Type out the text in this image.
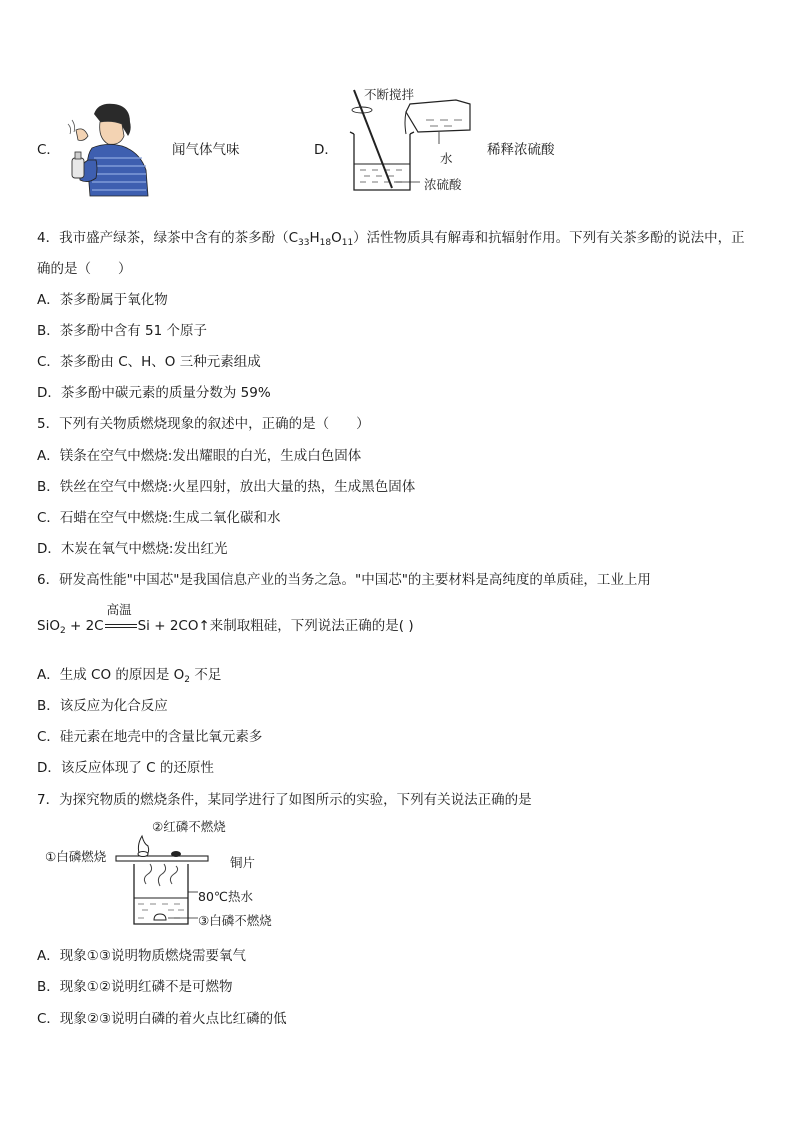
C．	闻气体气味	D．
不断搅拌
水
浓硫酸
稀释浓硫酸
4．我市盛产绿茶，绿茶中含有的茶多酚$(C_{33}H_{18}O_{11})$活性物质具有解毒和抗辐射作用。下列有关茶多酚的说法中，正
确的是（　　）
A．茶多酚属于氧化物
B．茶多酚中含有 51 个原子
C．茶多酚由 C、H、O 三种元素组成
D．茶多酚中碳元素的质量分数为 59%
5．下列有关物质燃烧现象的叙述中，正确的是（　　）
A．镁条在空气中燃烧:发出耀眼的白光，生成白色固体
B．铁丝在空气中燃烧:火星四射，放出大量的热，生成黑色固体
C．石蜡在空气中燃烧:生成二氧化碳和水
D．木炭在氧气中燃烧:发出红光
6．研发高性能"中国芯"是我国信息产业的当务之急。"中国芯"的主要材料是高纯度的单质硅，工业上用
SiO$_2$ + 2C
高温
Si + 2CO↑来制取粗硅，下列说法正确的是( )
A．生成 CO 的原因是 $O_2$ 不足
B．该反应为化合反应
C．硅元素在地壳中的含量比氧元素多
D．该反应体现了 C 的还原性
7．为探究物质的燃烧条件，某同学进行了如图所示的实验，下列有关说法正确的是
②红磷不燃烧
①白磷燃烧	铜片
80℃热水
③白磷不燃烧
A．现象①③说明物质燃烧需要氧气
B．现象①②说明红磷不是可燃物
C．现象②③说明白磷的着火点比红磷的低
